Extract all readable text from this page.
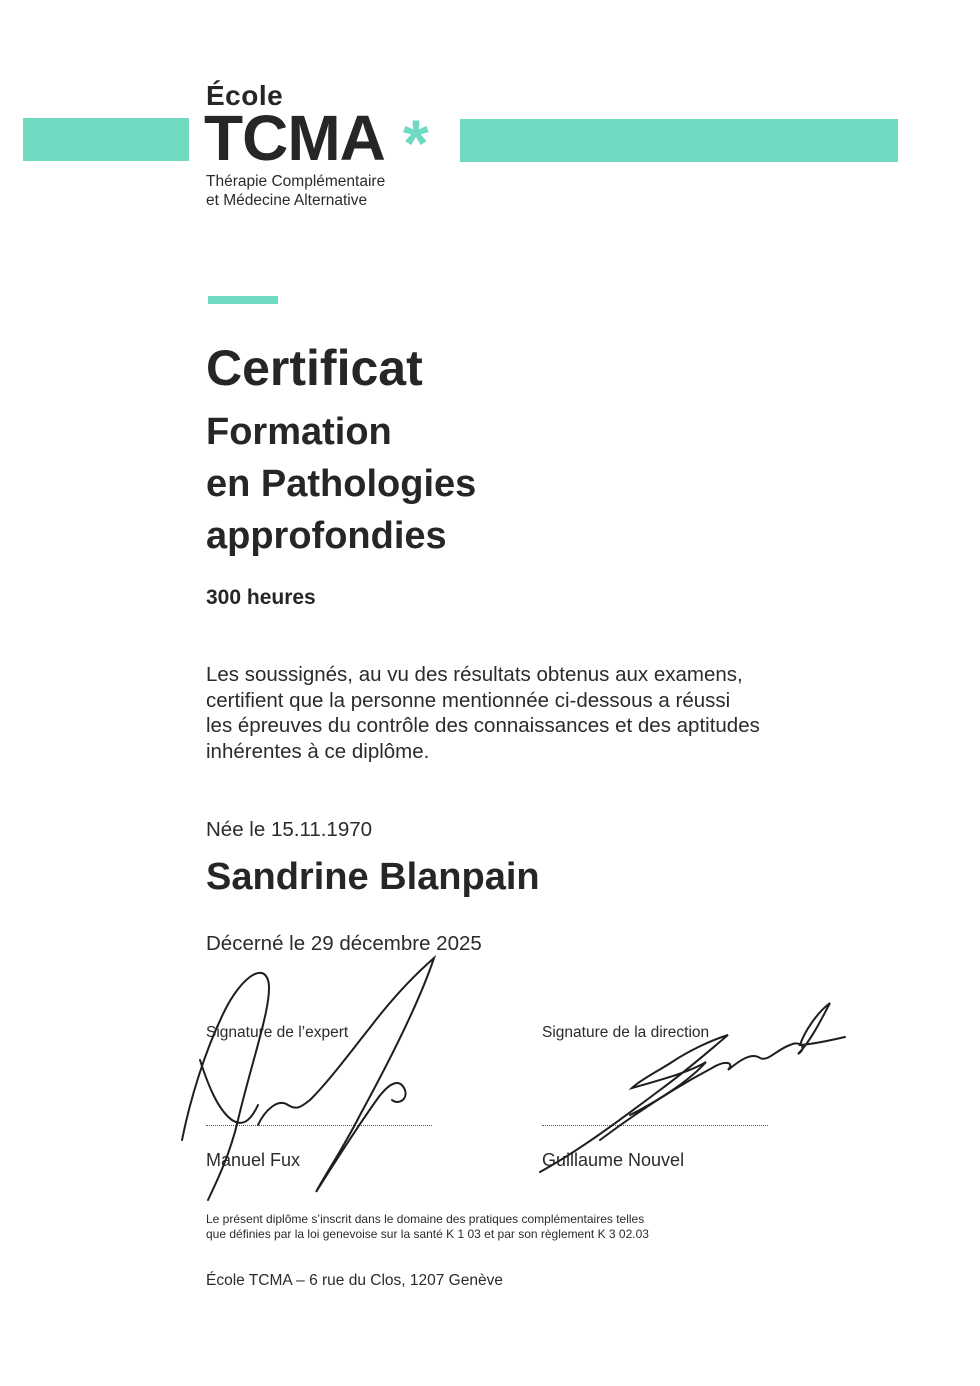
École
TCMA *
Thérapie Complémentaire
et Médecine Alternative
Certificat
Formation
en Pathologies
approfondies
300 heures
Les soussignés, au vu des résultats obtenus aux examens,
certifient que la personne mentionnée ci-dessous a réussi
les épreuves du contrôle des connaissances et des aptitudes
inhérentes à ce diplôme.
Née le 15.11.1970
Sandrine Blanpain
Décerné le 29 décembre 2025
Signature de l’expert	Signature de la direction
Manuel Fux	Guillaume Nouvel
Le présent diplôme s’inscrit dans le domaine des pratiques complémentaires telles
que définies par la loi genevoise sur la santé K 1 03 et par son règlement K 3 02.03
École TCMA – 6 rue du Clos, 1207 Genève
